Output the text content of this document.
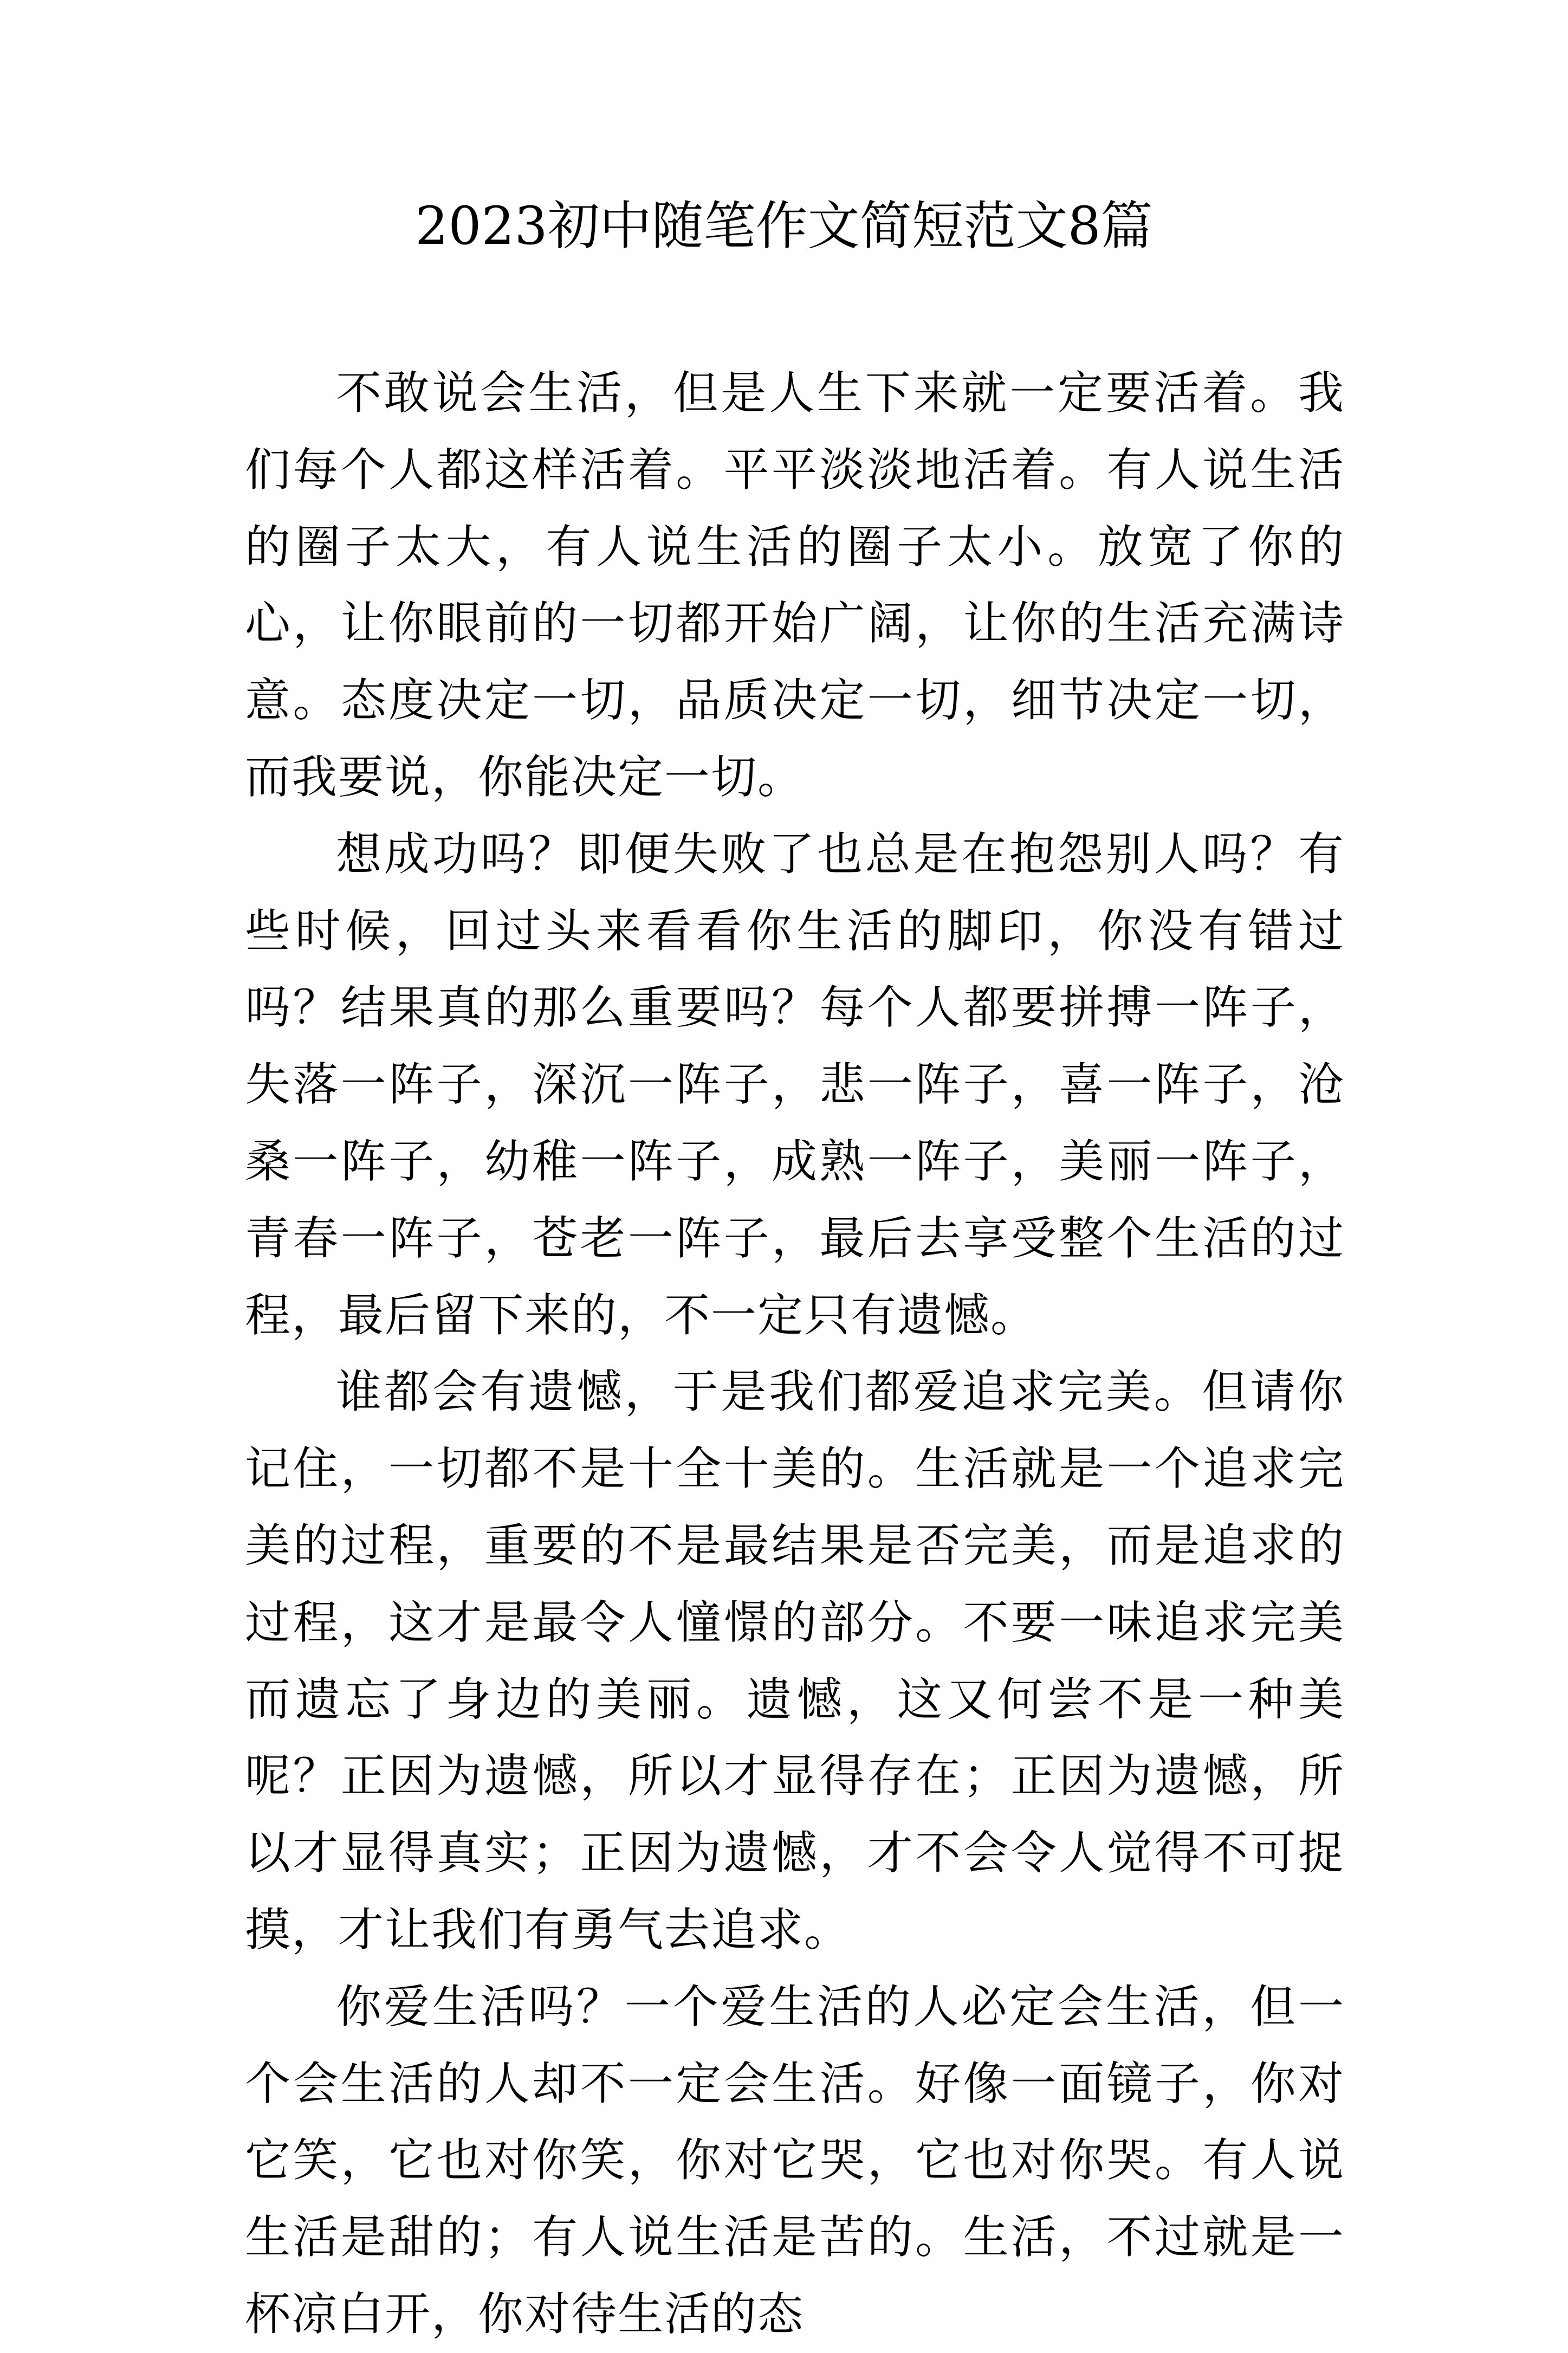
2023初中随笔作文简短范文8篇

不敢说会生活，但是人生下来就一定要活着。我们每个人都这样活着。平平淡淡地活着。有人说生活的圈子太大，有人说生活的圈子太小。放宽了你的心，让你眼前的一切都开始广阔，让你的生活充满诗意。态度决定一切，品质决定一切，细节决定一切，而我要说，你能决定一切。

想成功吗？即便失败了也总是在抱怨别人吗？有些时候，回过头来看看你生活的脚印，你没有错过吗？结果真的那么重要吗？每个人都要拼搏一阵子，失落一阵子，深沉一阵子，悲一阵子，喜一阵子，沧桑一阵子，幼稚一阵子，成熟一阵子，美丽一阵子，青春一阵子，苍老一阵子，最后去享受整个生活的过程，最后留下来的，不一定只有遗憾。

谁都会有遗憾，于是我们都爱追求完美。但请你记住，一切都不是十全十美的。生活就是一个追求完美的过程，重要的不是最结果是否完美，而是追求的过程，这才是最令人憧憬的部分。不要一味追求完美而遗忘了身边的美丽。遗憾，这又何尝不是一种美呢？正因为遗憾，所以才显得存在；正因为遗憾，所以才显得真实；正因为遗憾，才不会令人觉得不可捉摸，才让我们有勇气去追求。

你爱生活吗？一个爱生活的人必定会生活，但一个会生活的人却不一定会生活。好像一面镜子，你对它笑，它也对你笑，你对它哭，它也对你哭。有人说生活是甜的；有人说生活是苦的。生活，不过就是一杯凉白开，你对待生活的态
